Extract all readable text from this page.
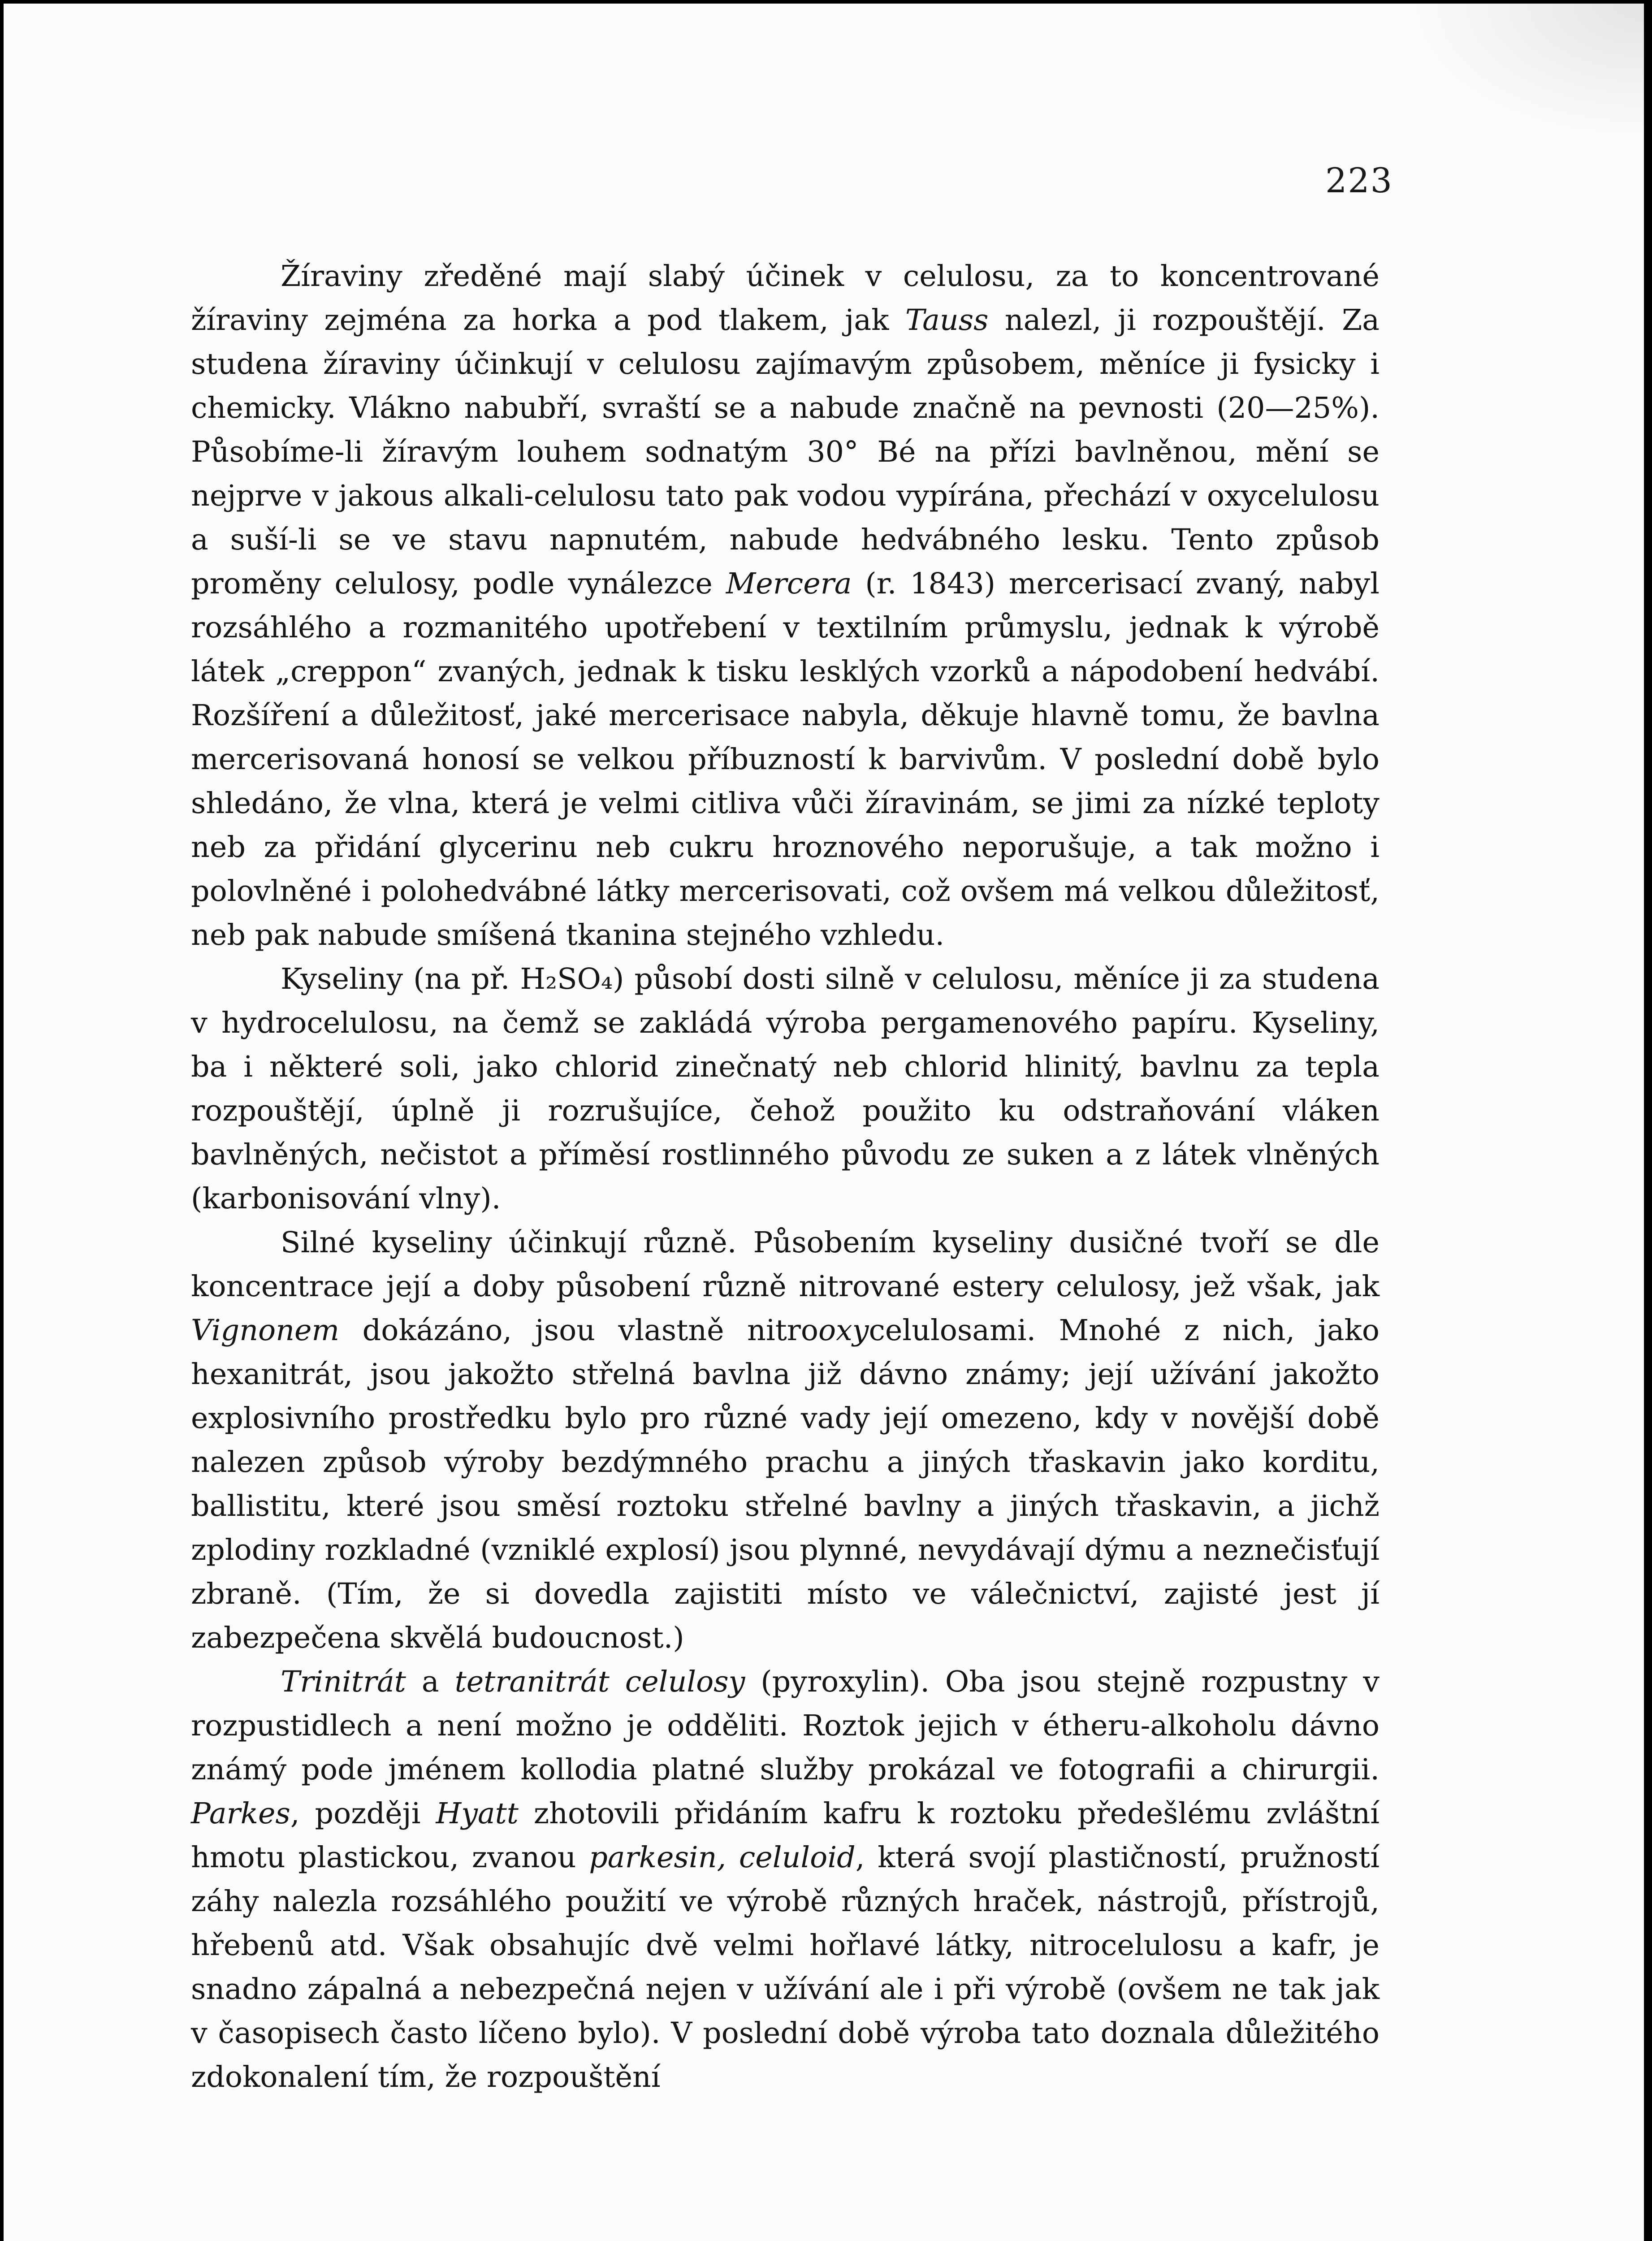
223

Žíraviny zředěné mají slabý účinek v celulosu, za to koncentrované žíraviny zejména za horka a pod tlakem, jak Tauss nalezl, ji rozpouštějí. Za studena žíraviny účinkují v celulosu zajímavým způsobem, měníce ji fysicky i chemicky. Vlákno nabubří, svraští se a nabude značně na pevnosti (20—25%). Působíme-li žíravým louhem sodnatým 30° Bé na přízi bavlněnou, mění se nejprve v jakous alkali-celulosu tato pak vodou vypírána, přechází v oxycelulosu a suší-li se ve stavu napnutém, nabude hedvábného lesku. Tento způsob proměny celulosy, podle vynálezce Mercera (r. 1843) mercerisací zvaný, nabyl rozsáhlého a rozmanitého upotřebení v textilním průmyslu, jednak k výrobě látek „creppon“ zvaných, jednak k tisku lesklých vzorků a nápodobení hedvábí. Rozšíření a důležitosť, jaké mercerisace nabyla, děkuje hlavně tomu, že bavlna mercerisovaná honosí se velkou příbuzností k barvivům. V poslední době bylo shledáno, že vlna, která je velmi citliva vůči žíravinám, se jimi za nízké teploty neb za přidání glycerinu neb cukru hroznového neporušuje, a tak možno i polovlněné i polohedvábné látky mercerisovati, což ovšem má velkou důležitosť, neb pak nabude smíšená tkanina stejného vzhledu.

Kyseliny (na př. H₂SO₄) působí dosti silně v celulosu, měníce ji za studena v hydrocelulosu, na čemž se zakládá výroba pergamenového papíru. Kyseliny, ba i některé soli, jako chlorid zinečnatý neb chlorid hlinitý, bavlnu za tepla rozpouštějí, úplně ji rozrušujíce, čehož použito ku odstraňování vláken bavlněných, nečistot a příměsí rostlinného původu ze suken a z látek vlněných (karbonisování vlny).

Silné kyseliny účinkují různě. Působením kyseliny dusičné tvoří se dle koncentrace její a doby působení různě nitrované estery celulosy, jež však, jak Vignonem dokázáno, jsou vlastně nitrooxycelulosami. Mnohé z nich, jako hexanitrát, jsou jakožto střelná bavlna již dávno známy; její užívání jakožto explosivního prostředku bylo pro různé vady její omezeno, kdy v novější době nalezen způsob výroby bezdýmného prachu a jiných třaskavin jako korditu, ballistitu, které jsou směsí roztoku střelné bavlny a jiných třaskavin, a jichž zplodiny rozkladné (vzniklé explosí) jsou plynné, nevydávají dýmu a neznečisťují zbraně. (Tím, že si dovedla zajistiti místo ve válečnictví, zajisté jest jí zabezpečena skvělá budoucnost.)

Trinitrát a tetranitrát celulosy (pyroxylin). Oba jsou stejně rozpustny v rozpustidlech a není možno je odděliti. Roztok jejich v étheru-alkoholu dávno známý pode jménem kollodia platné služby prokázal ve fotografii a chirurgii. Parkes, později Hyatt zhotovili přidáním kafru k roztoku předešlému zvláštní hmotu plastickou, zvanou parkesin, celuloid, která svojí plastičností, pružností záhy nalezla rozsáhlého použití ve výrobě různých hraček, nástrojů, přístrojů, hřebenů atd. Však obsahujíc dvě velmi hořlavé látky, nitrocelulosu a kafr, je snadno zápalná a nebezpečná nejen v užívání ale i při výrobě (ovšem ne tak jak v časopisech často líčeno bylo). V poslední době výroba tato doznala důležitého zdokonalení tím, že rozpouštění
